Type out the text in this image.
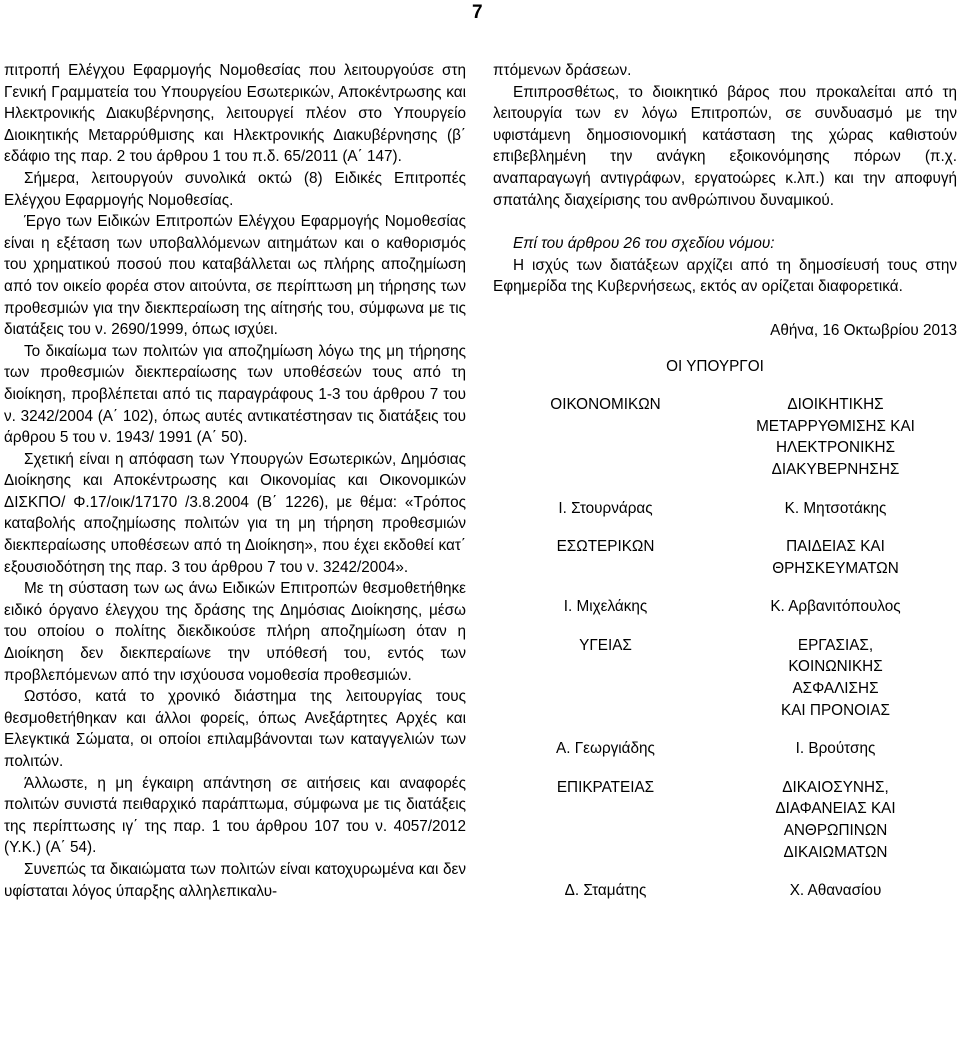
7

πιτροπή Ελέγχου Εφαρμογής Νομοθεσίας που λειτουργούσε στη Γενική Γραμματεία του Υπουργείου Εσωτερικών, Αποκέντρωσης και Ηλεκτρονικής Διακυβέρνησης, λειτουργεί πλέον στο Υπουργείο Διοικητικής Μεταρρύθμισης και Ηλεκτρονικής Διακυβέρνησης (β΄ εδάφιο της παρ. 2 του άρθρου 1 του π.δ. 65/2011 (Α΄ 147).

Σήμερα, λειτουργούν συνολικά οκτώ (8) Ειδικές Επιτροπές Ελέγχου Εφαρμογής Νομοθεσίας.

Έργο των Ειδικών Επιτροπών Ελέγχου Εφαρμογής Νομοθεσίας είναι η εξέταση των υποβαλλόμενων αιτημάτων και ο καθορισμός του χρηματικού ποσού που καταβάλλεται ως πλήρης αποζημίωση από τον οικείο φορέα στον αιτούντα, σε περίπτωση μη τήρησης των προθεσμιών για την διεκπεραίωση της αίτησής του, σύμφωνα με τις διατάξεις του ν. 2690/1999, όπως ισχύει.

Το δικαίωμα των πολιτών για αποζημίωση λόγω της μη τήρησης των προθεσμιών διεκπεραίωσης των υποθέσεών τους από τη διοίκηση, προβλέπεται από τις παραγράφους 1-3 του άρθρου 7 του ν. 3242/2004 (Α΄ 102), όπως αυτές αντικατέστησαν τις διατάξεις του άρθρου 5 του ν. 1943/ 1991 (Α΄ 50).

Σχετική είναι η απόφαση των Υπουργών Εσωτερικών, Δημόσιας Διοίκησης και Αποκέντρωσης και Οικονομίας και Οικονομικών ΔΙΣΚΠΟ/ Φ.17/οικ/17170 /3.8.2004 (Β΄ 1226), με θέμα: «Τρόπος καταβολής αποζημίωσης πολιτών για τη μη τήρηση προθεσμιών διεκπεραίωσης υποθέσεων από τη Διοίκηση», που έχει εκδοθεί κατ΄ εξουσιοδότηση της παρ. 3 του άρθρου 7 του ν. 3242/2004».

Με τη σύσταση των ως άνω Ειδικών Επιτροπών θεσμοθετήθηκε ειδικό όργανο έλεγχου της δράσης της Δημόσιας Διοίκησης, μέσω του οποίου ο πολίτης διεκδικούσε πλήρη αποζημίωση όταν η Διοίκηση δεν διεκπεραίωνε την υπόθεσή του, εντός των προβλεπόμενων από την ισχύουσα νομοθεσία προθεσμιών.

Ωστόσο, κατά το χρονικό διάστημα της λειτουργίας τους θεσμοθετήθηκαν και άλλοι φορείς, όπως Ανεξάρτητες Αρχές και Ελεγκτικά Σώματα, οι οποίοι επιλαμβάνονται των καταγγελιών των πολιτών.

Άλλωστε, η μη έγκαιρη απάντηση σε αιτήσεις και αναφορές πολιτών συνιστά πειθαρχικό παράπτωμα, σύμφωνα με τις διατάξεις της περίπτωσης ιγ΄ της παρ. 1 του άρθρου 107 του ν. 4057/2012 (Υ.Κ.) (Α΄ 54).

Συνεπώς τα δικαιώματα των πολιτών είναι κατοχυρωμένα και δεν υφίσταται λόγος ύπαρξης αλληλεπικαλυ-

πτόμενων δράσεων.

Επιπροσθέτως, το διοικητικό βάρος που προκαλείται από τη λειτουργία των εν λόγω Επιτροπών, σε συνδυασμό με την υφιστάμενη δημοσιονομική κατάσταση της χώρας καθιστούν επιβεβλημένη την ανάγκη εξοικονόμησης πόρων (π.χ. αναπαραγωγή αντιγράφων, εργατοώρες κ.λπ.) και την αποφυγή σπατάλης διαχείρισης του ανθρώπινου δυναμικού.

Επί του άρθρου 26 του σχεδίου νόμου:

Η ισχύς των διατάξεων αρχίζει από τη δημοσίευσή τους στην Εφημερίδα της Κυβερνήσεως, εκτός αν ορίζεται διαφορετικά.

Αθήνα, 16 Οκτωβρίου 2013
ΟΙ ΥΠΟΥΡΓΟΙ
ΟΙΚΟΝΟΜΙΚΩΝ	ΔΙΟΙΚΗΤΙΚΗΣ
ΜΕΤΑΡΡΥΘΜΙΣΗΣ ΚΑΙ
ΗΛΕΚΤΡΟΝΙΚΗΣ
ΔΙΑΚΥΒΕΡΝΗΣΗΣ
Ι. Στουρνάρας	Κ. Μητσοτάκης
ΕΣΩΤΕΡΙΚΩΝ	ΠΑΙΔΕΙΑΣ ΚΑΙ
ΘΡΗΣΚΕΥΜΑΤΩΝ
Ι. Μιχελάκης	Κ. Αρβανιτόπουλος
ΥΓΕΙΑΣ	ΕΡΓΑΣΙΑΣ,
ΚΟΙΝΩΝΙΚΗΣ
ΑΣΦΑΛΙΣΗΣ
ΚΑΙ ΠΡΟΝΟΙΑΣ
Α. Γεωργιάδης	Ι. Βρούτσης
ΕΠΙΚΡΑΤΕΙΑΣ	ΔΙΚΑΙΟΣΥΝΗΣ,
ΔΙΑΦΑΝΕΙΑΣ ΚΑΙ
ΑΝΘΡΩΠΙΝΩΝ
ΔΙΚΑΙΩΜΑΤΩΝ
Δ. Σταμάτης	Χ. Αθανασίου
